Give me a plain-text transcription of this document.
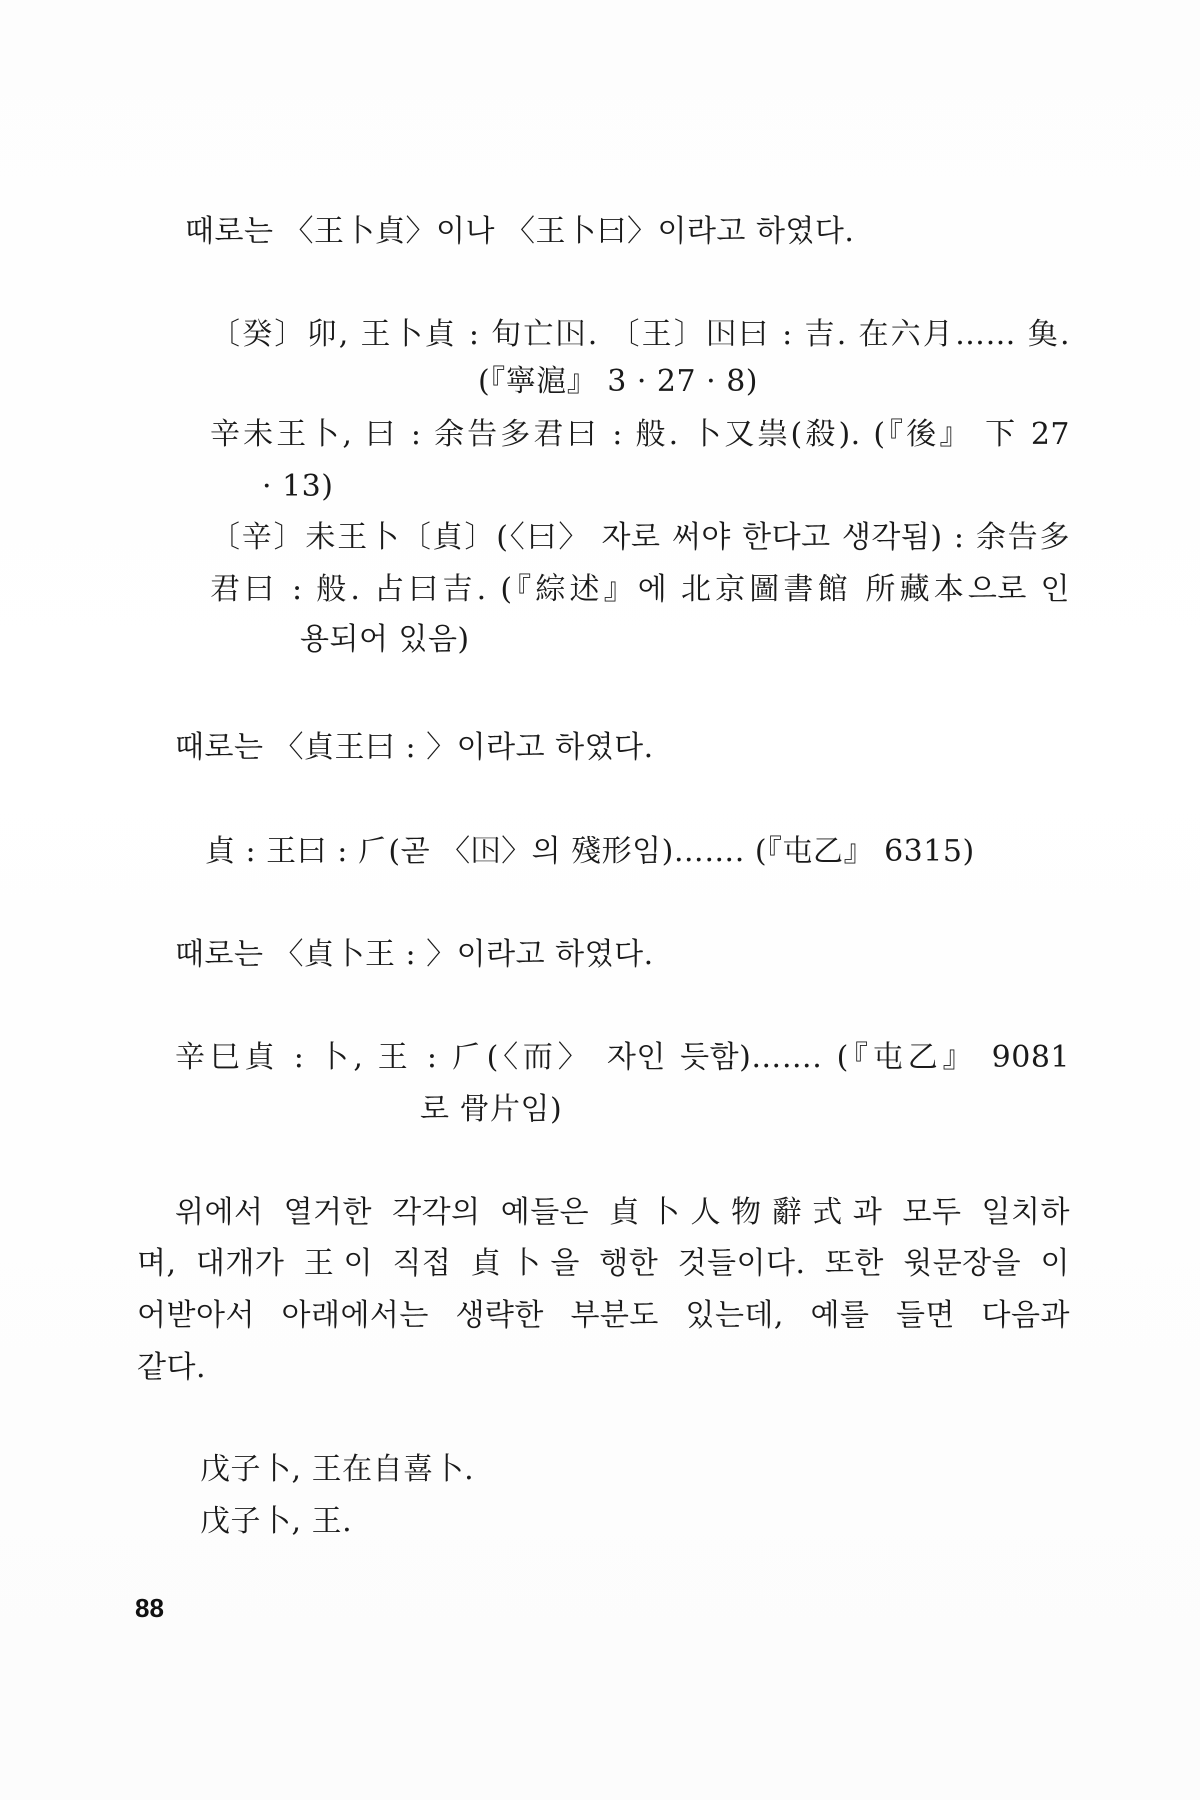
때로는 〈王卜貞〉이나 〈王卜曰〉이라고 하였다.
〔癸〕卯, 王卜貞 : 旬亡𡆥. 〔王〕𡆥曰 : 吉. 在六月…… 𩵋.
(『寧滬』 3 · 27 · 8)
辛未王卜, 曰 : 余告多君曰 : 般. 卜又祟(殺). (『後』 下 27
· 13)
〔辛〕未王卜〔貞〕(〈曰〉 자로 써야 한다고 생각됨) : 余告多
君曰 : 般. 占曰吉. (『綜述』에 北京圖書館 所藏本으로 인
용되어 있음)
때로는 〈貞王曰 : 〉이라고 하였다.
貞 : 王曰 : 𠂆(곧 〈𡆥〉의 殘形임)……. (『屯乙』 6315)
때로는 〈貞卜王 : 〉이라고 하였다.
辛巳貞 : 卜, 王 : 𠂆(〈而〉 자인 듯함)……. (『屯乙』 9081
로 骨片임)
위에서 열거한 각각의 예들은 貞卜人物辭式과 모두 일치하
며, 대개가 王이 직접 貞卜을 행한 것들이다. 또한 윗문장을 이
어받아서 아래에서는 생략한 부분도 있는데, 예를 들면 다음과
같다.
戊子卜, 王在自喜卜.
戊子卜, 王.
88
